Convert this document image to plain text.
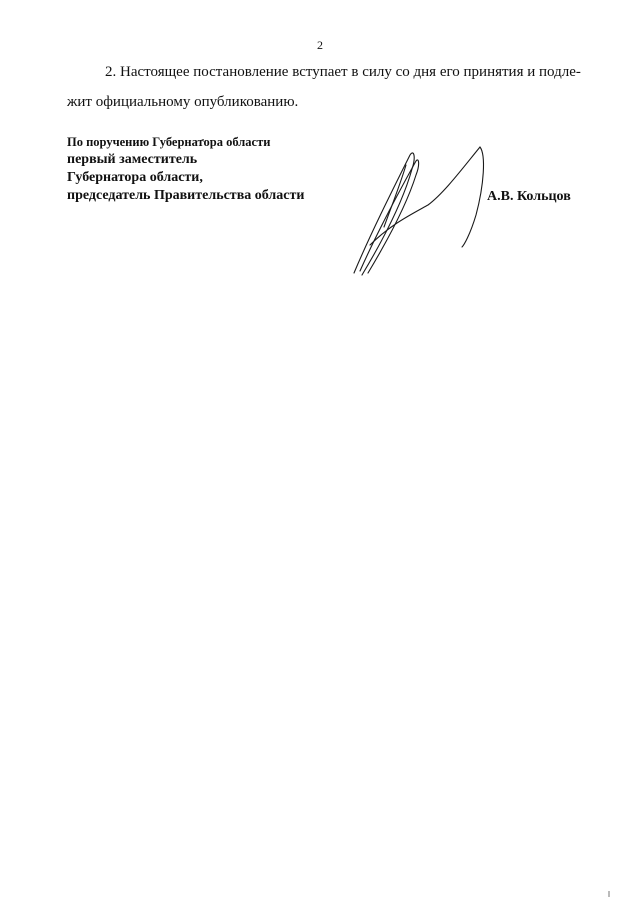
2
2. Настоящее постановление вступает в силу со дня его принятия и подле-
жит официальному опубликованию.
По поручению Губернатора области
первый заместитель
Губернатора области,
председатель Правительства области	А.В. Кольцов
